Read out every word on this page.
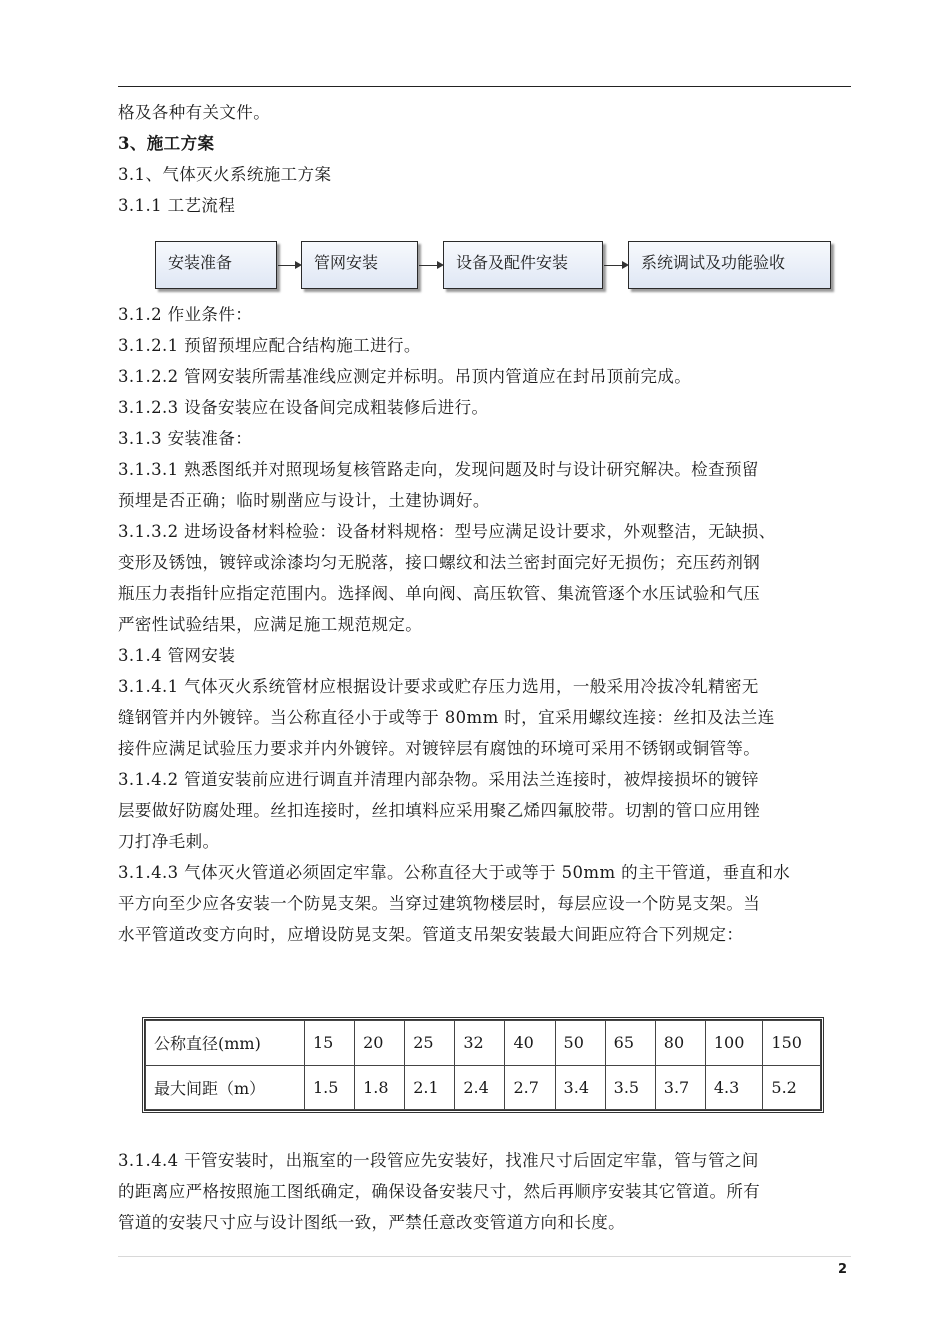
格及各种有关文件。
3、施工方案
3.1、气体灭火系统施工方案
3.1.1 工艺流程
安装准备	管网安装	设备及配件安装	系统调试及功能验收
3.1.2 作业条件：
3.1.2.1 预留预埋应配合结构施工进行。
3.1.2.2 管网安装所需基准线应测定并标明。吊顶内管道应在封吊顶前完成。
3.1.2.3 设备安装应在设备间完成粗装修后进行。
3.1.3 安装准备：
3.1.3.1 熟悉图纸并对照现场复核管路走向，发现问题及时与设计研究解决。检查预留
预埋是否正确；临时剔凿应与设计，土建协调好。
3.1.3.2 进场设备材料检验：设备材料规格：型号应满足设计要求，外观整洁，无缺损、
变形及锈蚀，镀锌或涂漆均匀无脱落，接口螺纹和法兰密封面完好无损伤；充压药剂钢
瓶压力表指针应指定范围内。选择阀、单向阀、高压软管、集流管逐个水压试验和气压
严密性试验结果，应满足施工规范规定。
3.1.4 管网安装
3.1.4.1 气体灭火系统管材应根据设计要求或贮存压力选用，一般采用冷拔冷轧精密无
缝钢管并内外镀锌。当公称直径小于或等于 80mm 时，宜采用螺纹连接：丝扣及法兰连
接件应满足试验压力要求并内外镀锌。对镀锌层有腐蚀的环境可采用不锈钢或铜管等。
3.1.4.2 管道安装前应进行调直并清理内部杂物。采用法兰连接时，被焊接损坏的镀锌
层要做好防腐处理。丝扣连接时，丝扣填料应采用聚乙烯四氟胶带。切割的管口应用锉
刀打净毛刺。
3.1.4.3 气体灭火管道必须固定牢靠。公称直径大于或等于 50mm 的主干管道，垂直和水
平方向至少应各安装一个防晃支架。当穿过建筑物楼层时，每层应设一个防晃支架。当
水平管道改变方向时，应增设防晃支架。管道支吊架安装最大间距应符合下列规定：
公称直径(mm)	15	20	25	32	40	50	65	80	100	150
最大间距（m）	1.5	1.8	2.1	2.4	2.7	3.4	3.5	3.7	4.3	5.2
3.1.4.4 干管安装时，出瓶室的一段管应先安装好，找准尺寸后固定牢靠，管与管之间
的距离应严格按照施工图纸确定，确保设备安装尺寸，然后再顺序安装其它管道。所有
管道的安装尺寸应与设计图纸一致，严禁任意改变管道方向和长度。
2
